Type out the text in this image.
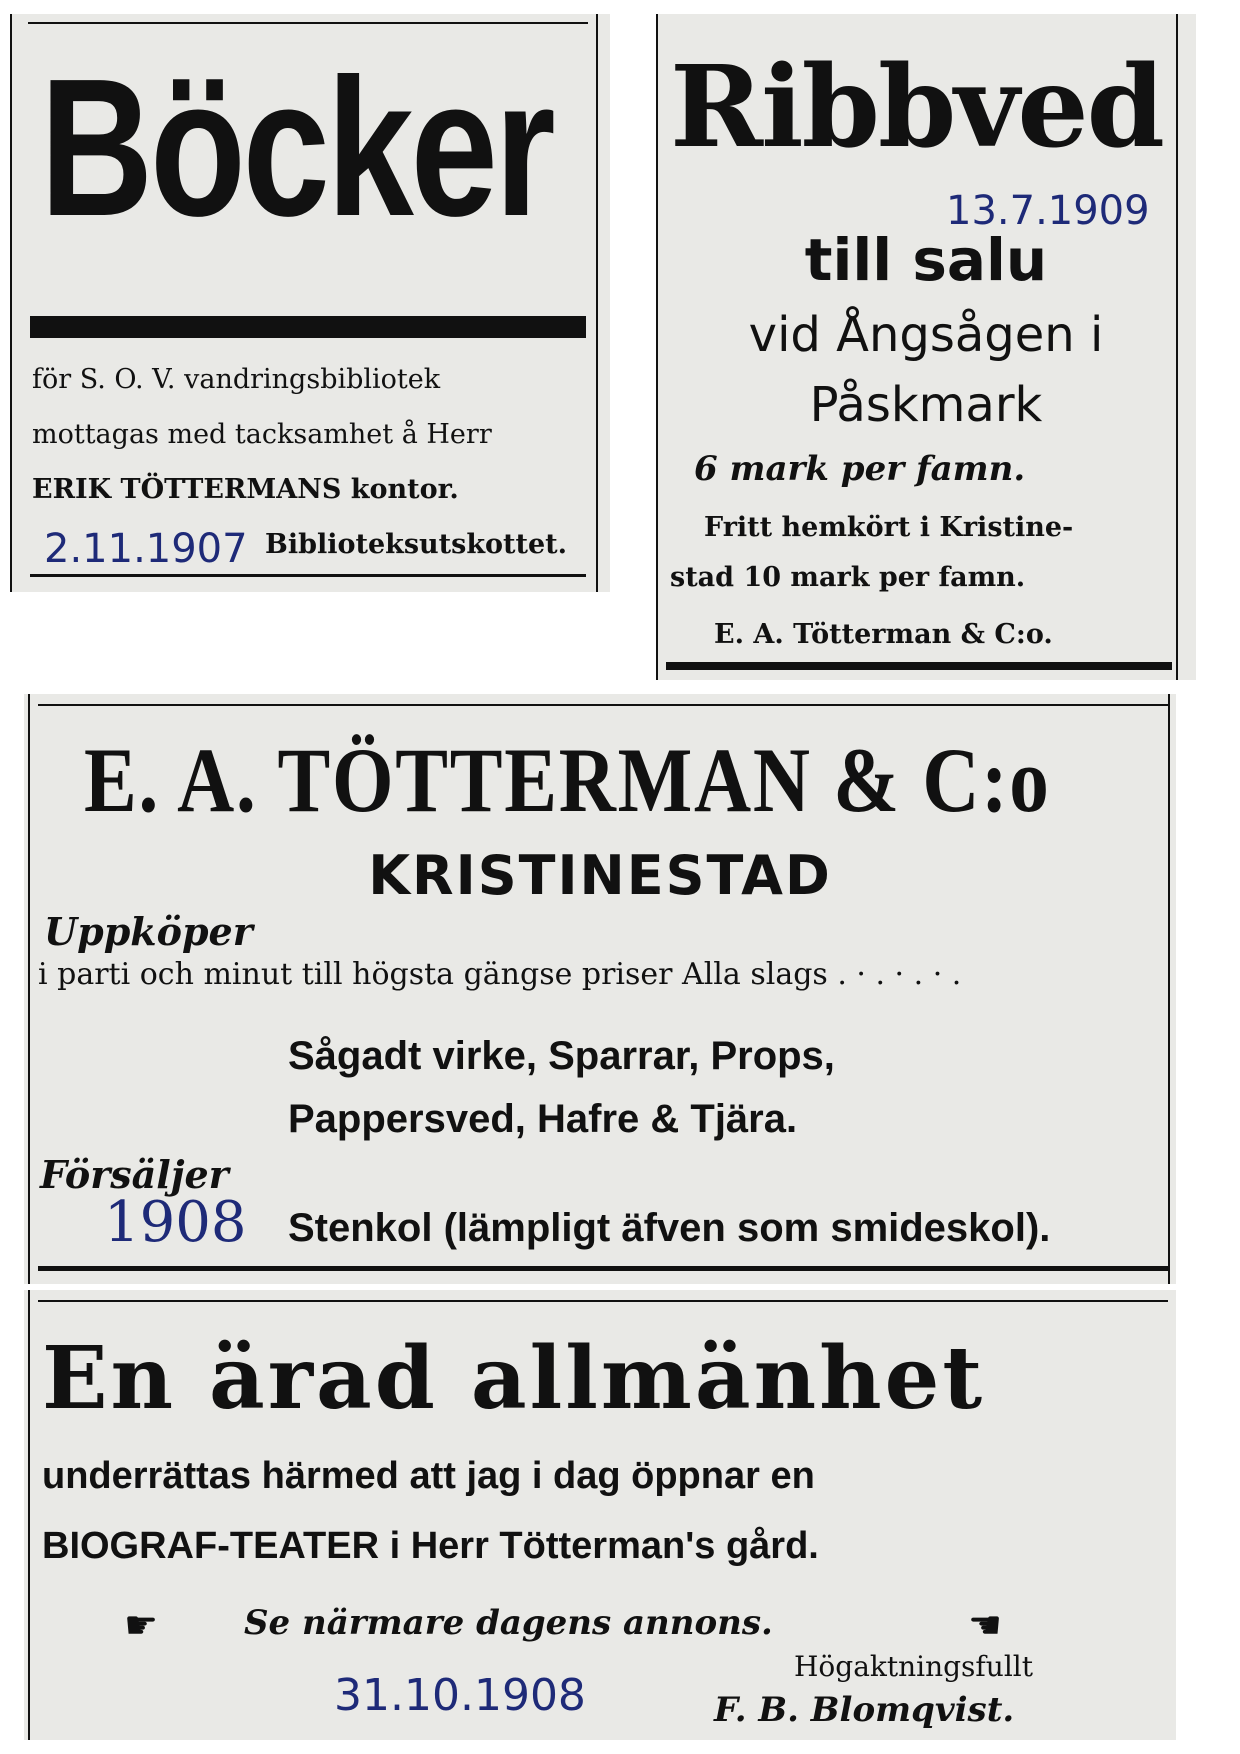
Böcker
för S. O. V. vandringsbibliotek
mottagas med tacksamhet å Herr
ERIK TÖTTERMANS kontor.
Biblioteksutskottet.
2.11.1907
Ribbved
till salu
vid Ångsågen i
Påskmark
6 mark per famn.
Fritt hemkört i Kristine-
stad 10 mark per famn.
E. A. Tötterman & C:o.
13.7.1909
E. A. TÖTTERMAN & C:o
KRISTINESTAD
Uppköper
i parti och minut till högsta gängse priser Alla slags . · . · . · .
Sågadt virke, Sparrar, Props,
Pappersved, Hafre & Tjära.
Försäljer
Stenkol (lämpligt äfven som smideskol).
1908
En ärad allmänhet
underrättas härmed att jag i dag öppnar en
BIOGRAF-TEATER i Herr Tötterman's gård.
☛	Se närmare dagens annons.	☚
Högaktningsfullt
F. B. Blomqvist.
31.10.1908
